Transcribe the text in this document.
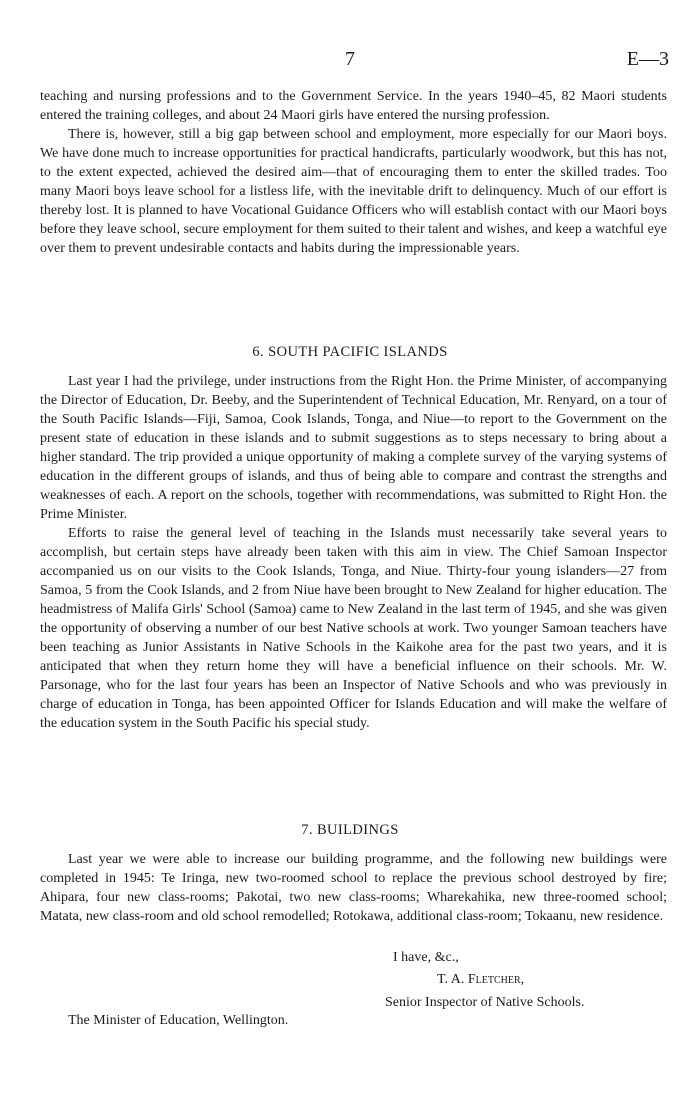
7	E—3

teaching and nursing professions and to the Government Service. In the years 1940–45, 82 Maori students entered the training colleges, and about 24 Maori girls have entered the nursing profession.

There is, however, still a big gap between school and employment, more especially for our Maori boys. We have done much to increase opportunities for practical handicrafts, particularly woodwork, but this has not, to the extent expected, achieved the desired aim—that of encouraging them to enter the skilled trades. Too many Maori boys leave school for a listless life, with the inevitable drift to delinquency. Much of our effort is thereby lost. It is planned to have Vocational Guidance Officers who will establish contact with our Maori boys before they leave school, secure employment for them suited to their talent and wishes, and keep a watchful eye over them to prevent undesirable contacts and habits during the impressionable years.

6. SOUTH PACIFIC ISLANDS

Last year I had the privilege, under instructions from the Right Hon. the Prime Minister, of accompanying the Director of Education, Dr. Beeby, and the Superintendent of Technical Education, Mr. Renyard, on a tour of the South Pacific Islands—Fiji, Samoa, Cook Islands, Tonga, and Niue—to report to the Government on the present state of education in these islands and to submit suggestions as to steps necessary to bring about a higher standard. The trip provided a unique opportunity of making a complete survey of the varying systems of education in the different groups of islands, and thus of being able to compare and contrast the strengths and weaknesses of each. A report on the schools, together with recommendations, was submitted to Right Hon. the Prime Minister.

Efforts to raise the general level of teaching in the Islands must necessarily take several years to accomplish, but certain steps have already been taken with this aim in view. The Chief Samoan Inspector accompanied us on our visits to the Cook Islands, Tonga, and Niue. Thirty-four young islanders—27 from Samoa, 5 from the Cook Islands, and 2 from Niue have been brought to New Zealand for higher education. The headmistress of Malifa Girls' School (Samoa) came to New Zealand in the last term of 1945, and she was given the opportunity of observing a number of our best Native schools at work. Two younger Samoan teachers have been teaching as Junior Assistants in Native Schools in the Kaikohe area for the past two years, and it is anticipated that when they return home they will have a beneficial influence on their schools. Mr. W. Parsonage, who for the last four years has been an Inspector of Native Schools and who was previously in charge of education in Tonga, has been appointed Officer for Islands Education and will make the welfare of the education system in the South Pacific his special study.

7. BUILDINGS

Last year we were able to increase our building programme, and the following new buildings were completed in 1945: Te Iringa, new two-roomed school to replace the previous school destroyed by fire; Ahipara, four new class-rooms; Pakotai, two new class-rooms; Wharekahika, new three-roomed school; Matata, new class-room and old school remodelled; Rotokawa, additional class-room; Tokaanu, new residence.

I have, &c.,
T. A. Fletcher,
Senior Inspector of Native Schools.
The Minister of Education, Wellington.
